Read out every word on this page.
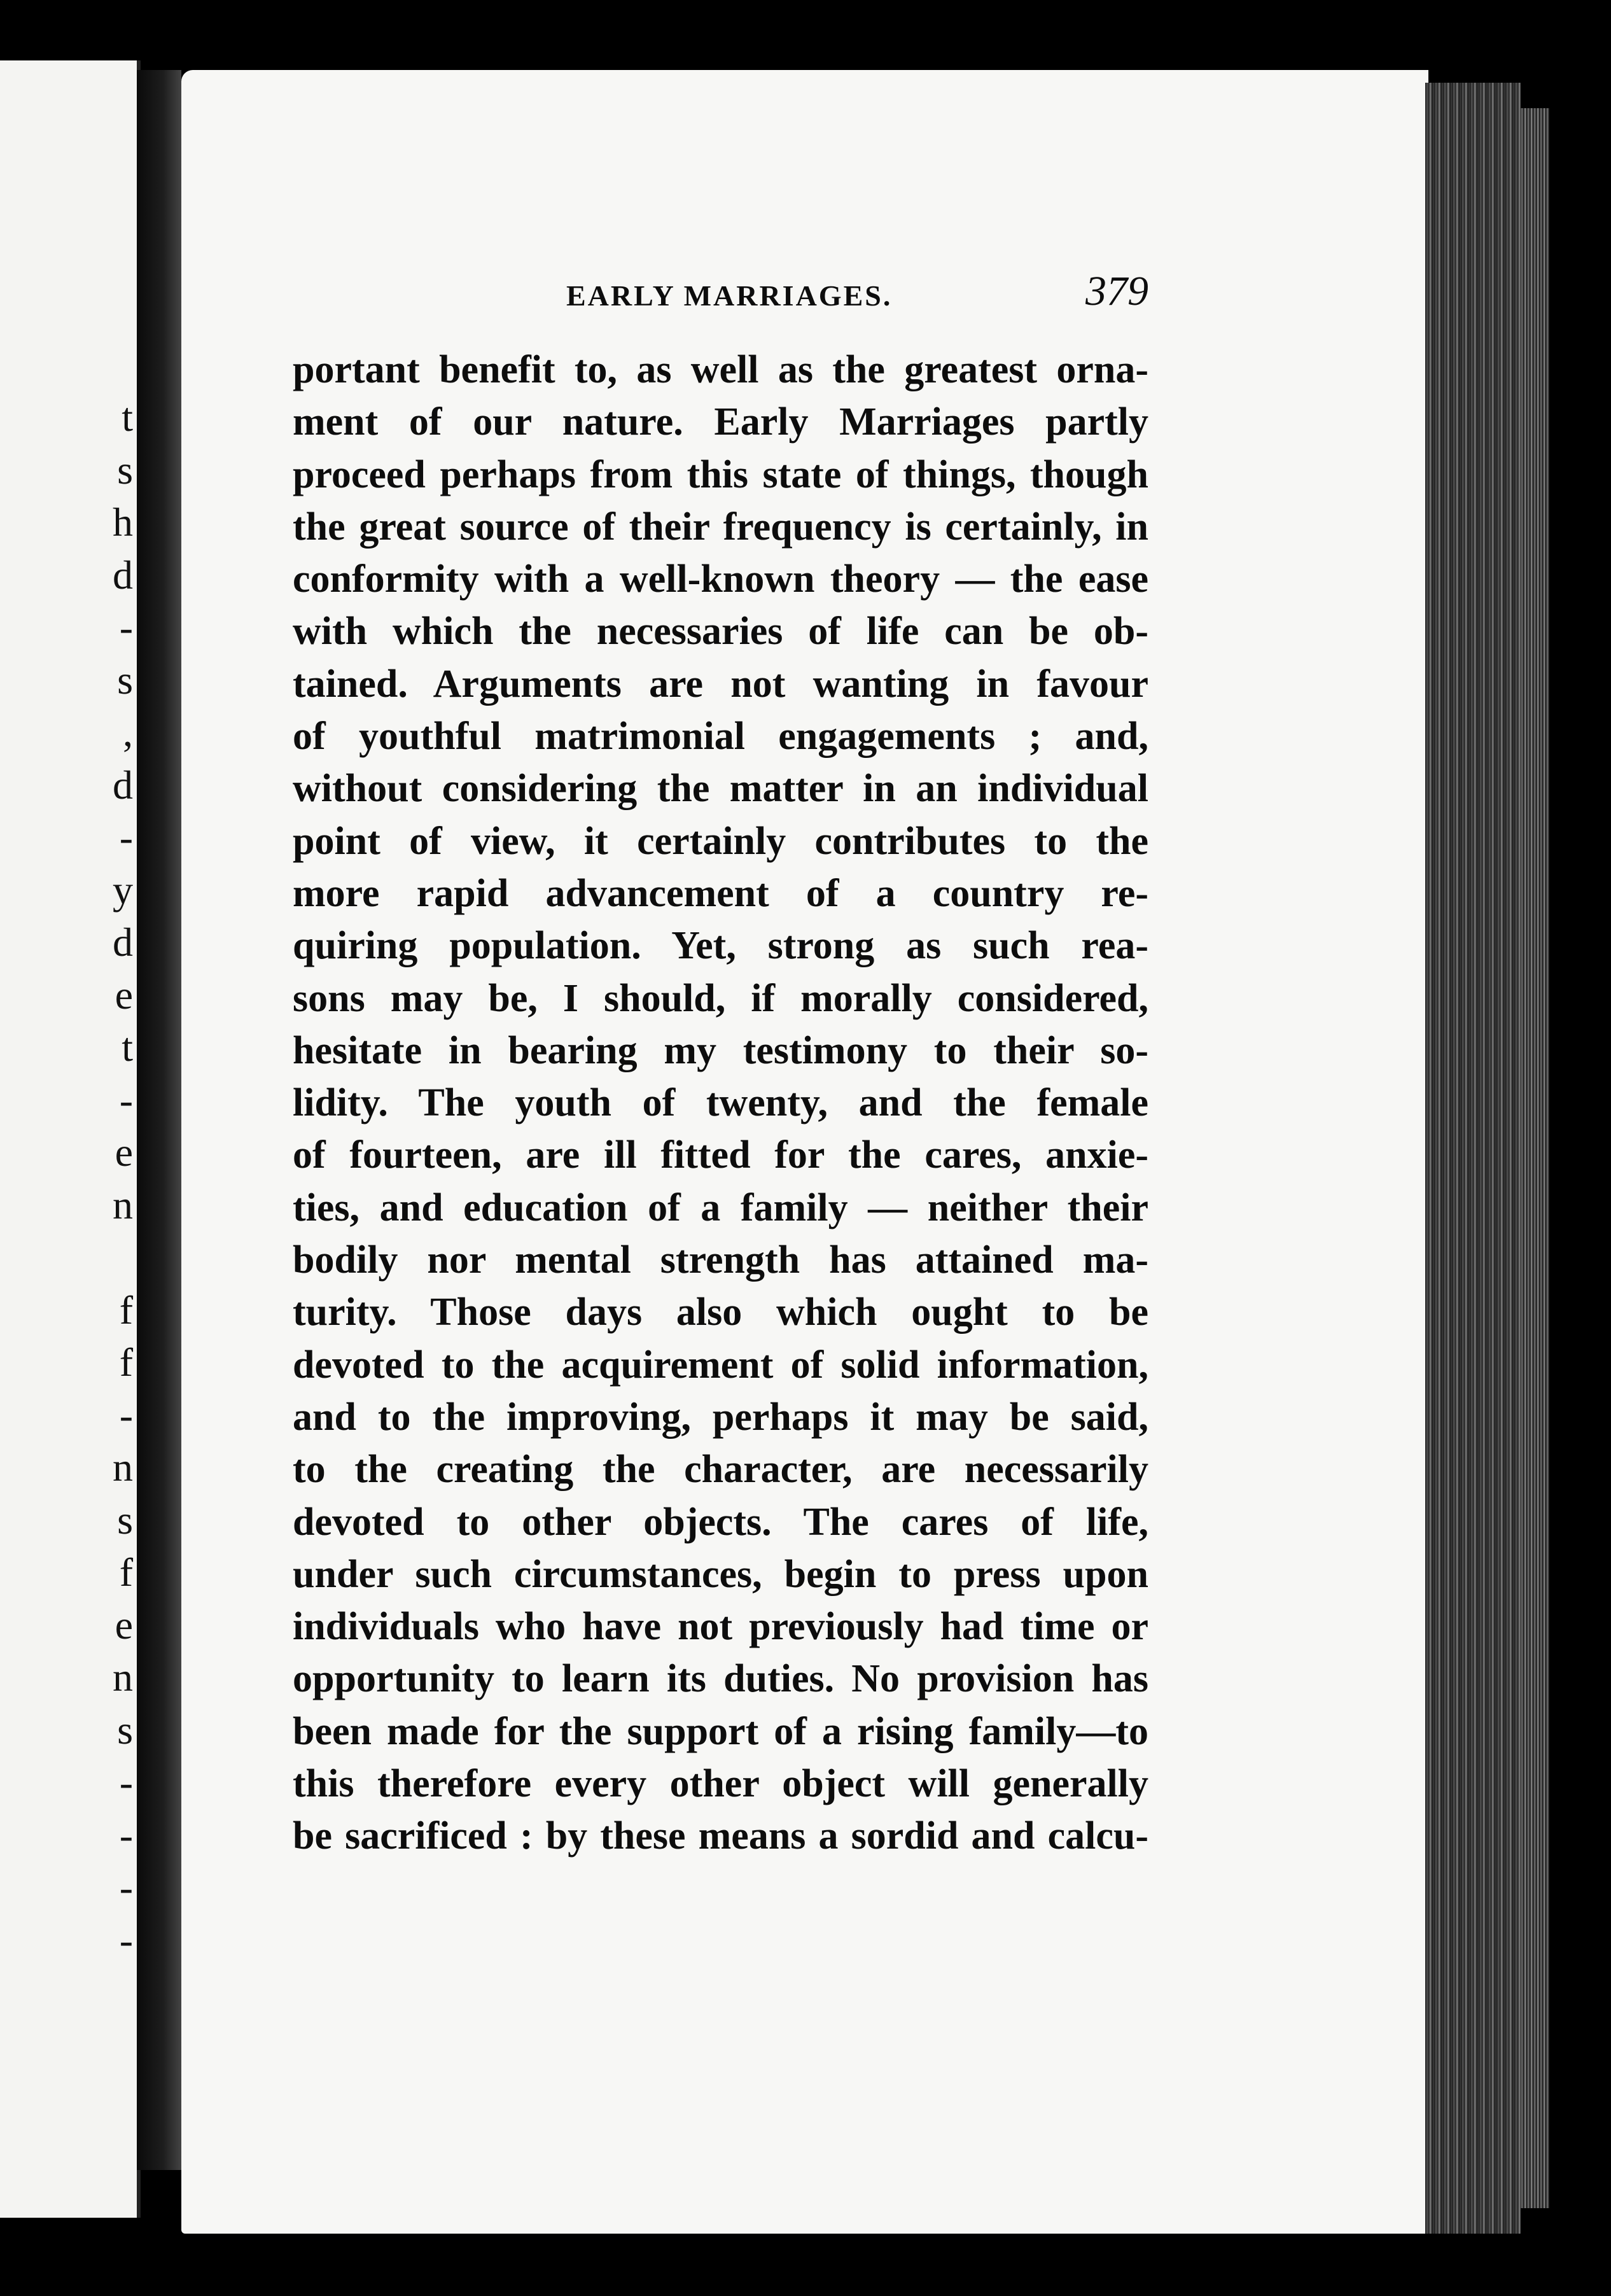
t
s
h
d
-
s
,
d
-
y
d
e
t
-
e
n
f
f
-
n
s
f
e
n
s
-
-
-
-
EARLY MARRIAGES.	379
portant benefit to, as well as the greatest orna-
ment of our nature. Early Marriages partly
proceed perhaps from this state of things, though
the great source of their frequency is certainly, in
conformity with a well-known theory — the ease
with which the necessaries of life can be ob-
tained. Arguments are not wanting in favour
of youthful matrimonial engagements ; and,
without considering the matter in an individual
point of view, it certainly contributes to the
more rapid advancement of a country re-
quiring population. Yet, strong as such rea-
sons may be, I should, if morally considered,
hesitate in bearing my testimony to their so-
lidity. The youth of twenty, and the female
of fourteen, are ill fitted for the cares, anxie-
ties, and education of a family — neither their
bodily nor mental strength has attained ma-
turity. Those days also which ought to be
devoted to the acquirement of solid information,
and to the improving, perhaps it may be said,
to the creating the character, are necessarily
devoted to other objects. The cares of life,
under such circumstances, begin to press upon
individuals who have not previously had time or
opportunity to learn its duties. No provision has
been made for the support of a rising family—to
this therefore every other object will generally
be sacrificed : by these means a sordid and calcu-
